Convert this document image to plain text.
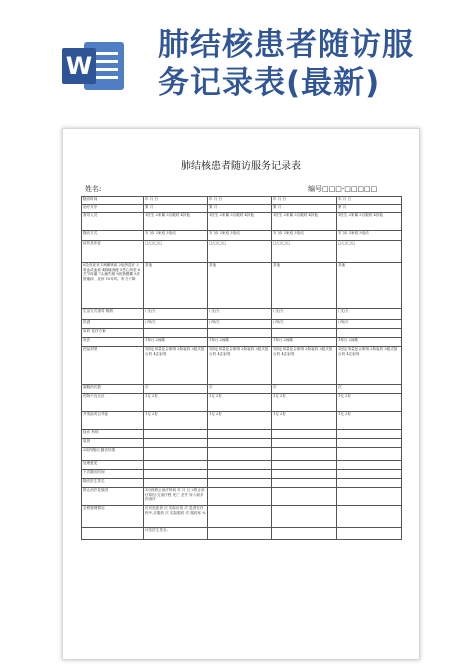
W
肺结核患者随访服
务记录表(最新)
肺结核患者随访服务记录表
姓名:	编号□□□-□□□□□
随访时间	年 月 日	年 月 日	年 月 日	年 月 日
治疗月序	第 月	第 月	第 月	第 月
督导人员	1医生 2家属 3自服药 4其他	1医生 2家属 3自服药 4其他	1医生 2家属 3自服药 4其他	1医生 2家属 3自服药 4其他
随访方式	1门诊 2家庭 3电话	1门诊 2家庭 3电话	1门诊 2家庭 3电话	1门诊 2家庭 3电话
症状及体征	□/□/□/□	□/□/□/□	□/□/□/□	□/□/□/□
0没有症状 1咳嗽咳痰 2低热盗汗 3咯血或血痰 4胸痛消瘦 5恶心纳差 6关节疼痛 7头痛失眠 8视物模糊 9皮肤瘙痒、皮疹 10耳鸣、听力下降	其他	其他	其他	其他
生活方式指导 吸烟	/ 支/天	/ 支/天	/ 支/天	/ 支/天
饮酒	/ 两/天	/ 两/天	/ 两/天	/ 两/天
用药 化疗方案				
用法	1每日 2间歇	1每日 2间歇	1每日 2间歇	1每日 2间歇
药品剂型	1固定剂量复合制剂 2散装药 3板式组合药 4注射剂	1固定剂量复合制剂 2散装药 3板式组合药 4注射剂	1固定剂量复合制剂 2散装药 3板式组合药 4注射剂	1固定剂量复合制剂 2散装药 3板式组合药 4注射剂
漏服药次数	次	次	次	次
药物不良反应	1无 2有	1无 2有	1无 2有	1无 2有
并发症或合并症	1无 2有	1无 2有	1无 2有	1无 2有
转诊 科别				
原因				
2周内随访,随访结果				
处理意见				
下次随访时间				
随访医生签名				
停止治疗及原因	1出现停止治疗时间 年 月 日 2停止治疗原因:完成疗程 死亡 丢失 转入耐多药治疗			
全程管理情况	应访视患者 次 实际访视 次 患者在疗程中,应服药 次 实际服药 次 服药率 %			
	评估医生签名:			
